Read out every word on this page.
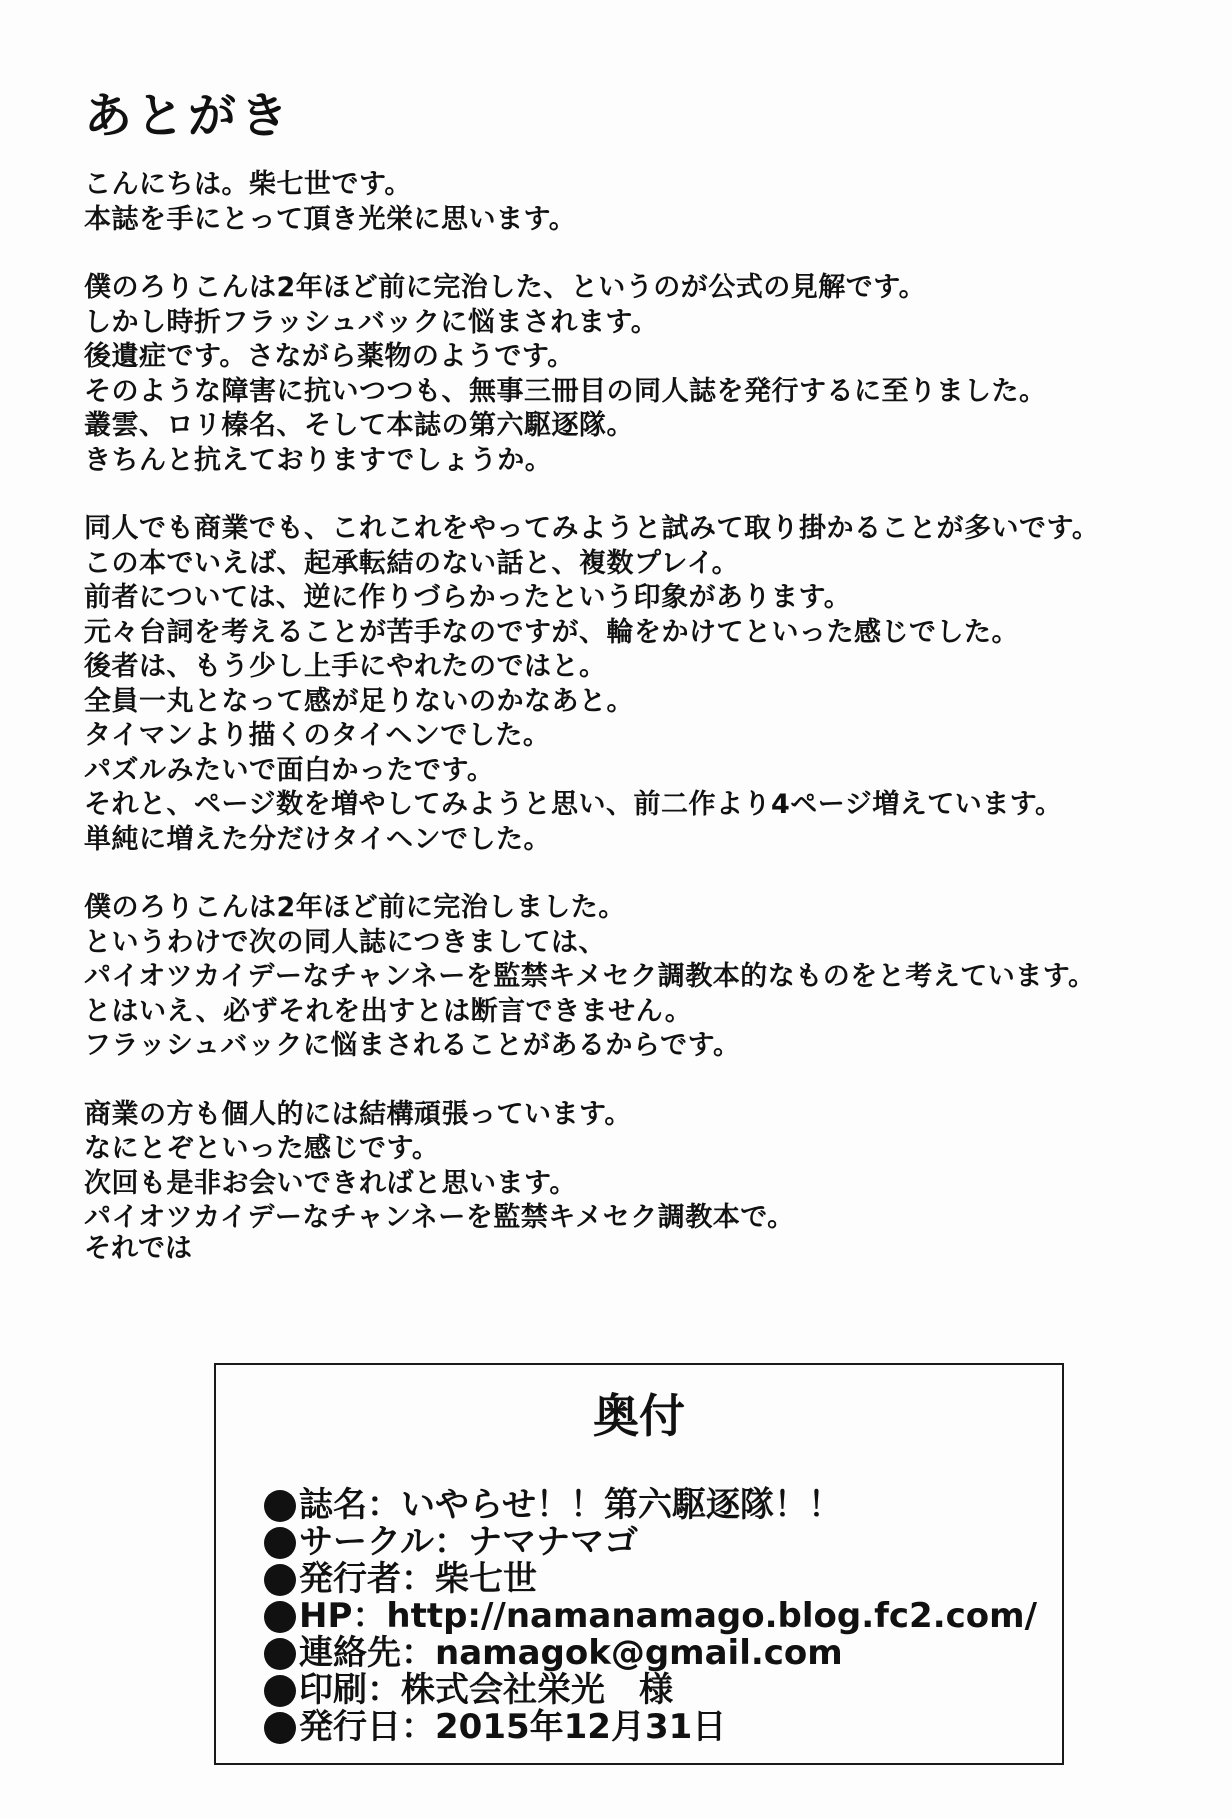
あとがき
こんにちは。柴七世です。
本誌を手にとって頂き光栄に思います。
僕のろりこんは2年ほど前に完治した、というのが公式の見解です。
しかし時折フラッシュバックに悩まされます。
後遺症です。さながら薬物のようです。
そのような障害に抗いつつも、無事三冊目の同人誌を発行するに至りました。
叢雲、ロリ榛名、そして本誌の第六駆逐隊。
きちんと抗えておりますでしょうか。
同人でも商業でも、これこれをやってみようと試みて取り掛かることが多いです。
この本でいえば、起承転結のない話と、複数プレイ。
前者については、逆に作りづらかったという印象があります。
元々台詞を考えることが苦手なのですが、輪をかけてといった感じでした。
後者は、もう少し上手にやれたのではと。
全員一丸となって感が足りないのかなあと。
タイマンより描くのタイヘンでした。
パズルみたいで面白かったです。
それと、ページ数を増やしてみようと思い、前二作より4ページ増えています。
単純に増えた分だけタイヘンでした。
僕のろりこんは2年ほど前に完治しました。
というわけで次の同人誌につきましては、
パイオツカイデーなチャンネーを監禁キメセク調教本的なものをと考えています。
とはいえ、必ずそれを出すとは断言できません。
フラッシュバックに悩まされることがあるからです。
商業の方も個人的には結構頑張っています。
なにとぞといった感じです。
次回も是非お会いできればと思います。
パイオツカイデーなチャンネーを監禁キメセク調教本で。

それでは

奥付
誌名：いやらせ！！第六駆逐隊！！
サークル：ナマナマゴ
発行者：柴七世
HP：http://namanamago.blog.fc2.com/
連絡先：namagok@gmail.com
印刷：株式会社栄光　様
発行日：2015年12月31日
